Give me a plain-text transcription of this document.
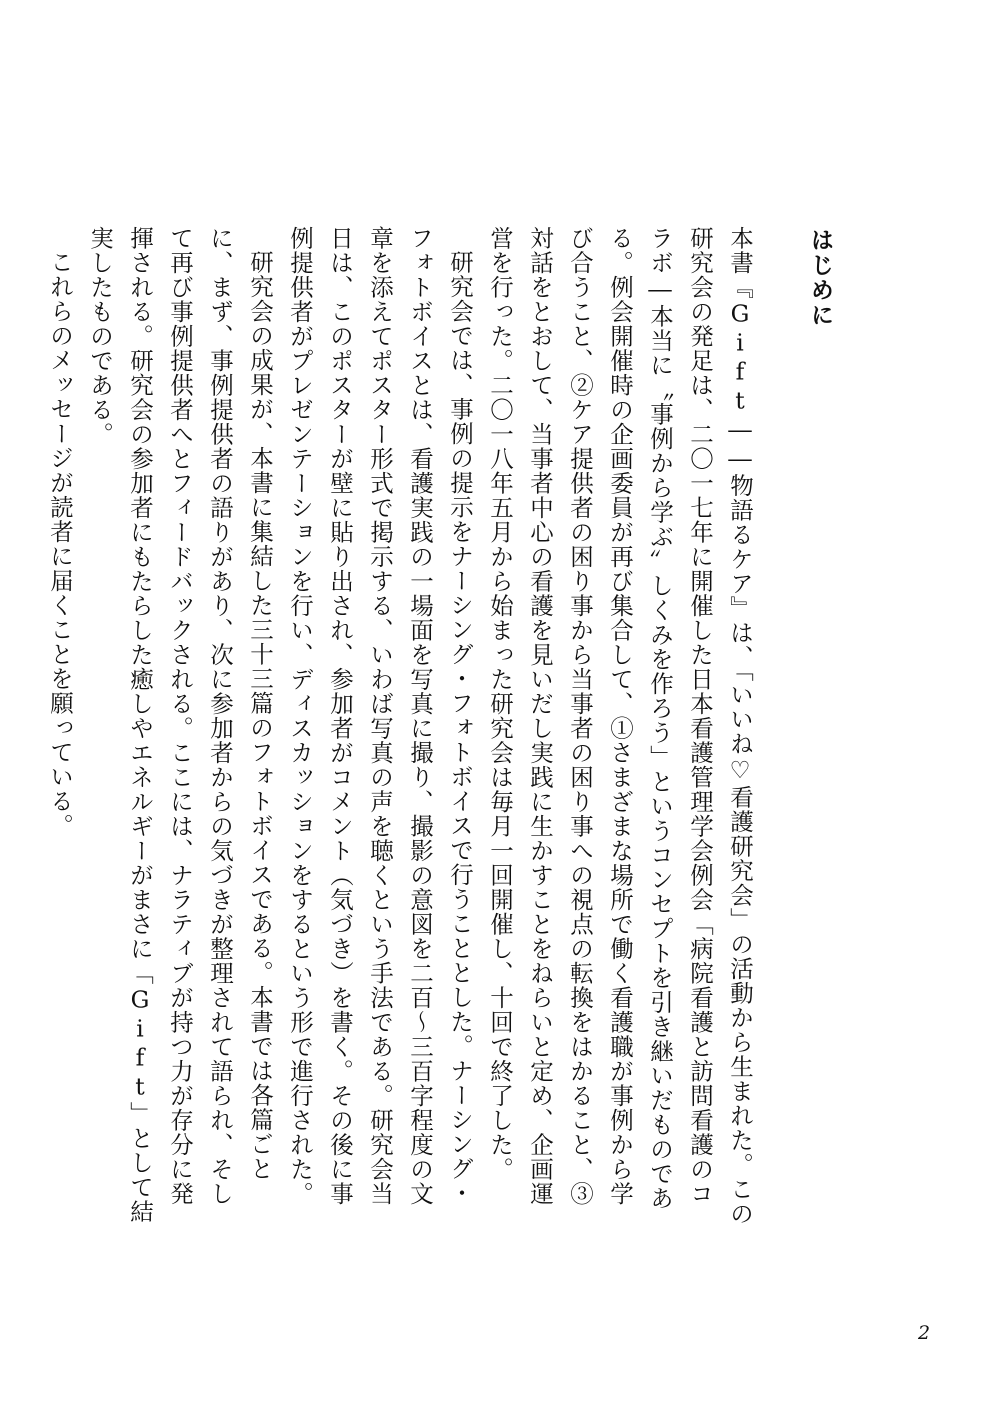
はじめに

本書『Gift――物語るケア』は、「いいね♡看護研究会」の活動から生まれた。この研究会の発足は、二〇一七年に開催した日本看護管理学会例会「病院看護と訪問看護のコラボ―本当に〝事例から学ぶ〟しくみを作ろう」というコンセプトを引き継いだものである。例会開催時の企画委員が再び集合して、①さまざまな場所で働く看護職が事例から学び合うこと、②ケア提供者の困り事から当事者の困り事への視点の転換をはかること、③対話をとおして、当事者中心の看護を見いだし実践に生かすことをねらいと定め、企画運営を行った。二〇一八年五月から始まった研究会は毎月一回開催し、十回で終了した。

研究会では、事例の提示をナーシング・フォトボイスで行うこととした。ナーシング・フォトボイスとは、看護実践の一場面を写真に撮り、撮影の意図を二百〜三百字程度の文章を添えてポスター形式で掲示する、いわば写真の声を聴くという手法である。研究会当日は、このポスターが壁に貼り出され、参加者がコメント（気づき）を書く。その後に事例提供者がプレゼンテーションを行い、ディスカッションをするという形で進行された。

研究会の成果が、本書に集結した三十三篇のフォトボイスである。本書では各篇ごとに、まず、事例提供者の語りがあり、次に参加者からの気づきが整理されて語られ、そして再び事例提供者へとフィードバックされる。ここには、ナラティブが持つ力が存分に発揮される。研究会の参加者にもたらした癒しやエネルギーがまさに「Gift」として結実したものである。

これらのメッセージが読者に届くことを願っている。

2
